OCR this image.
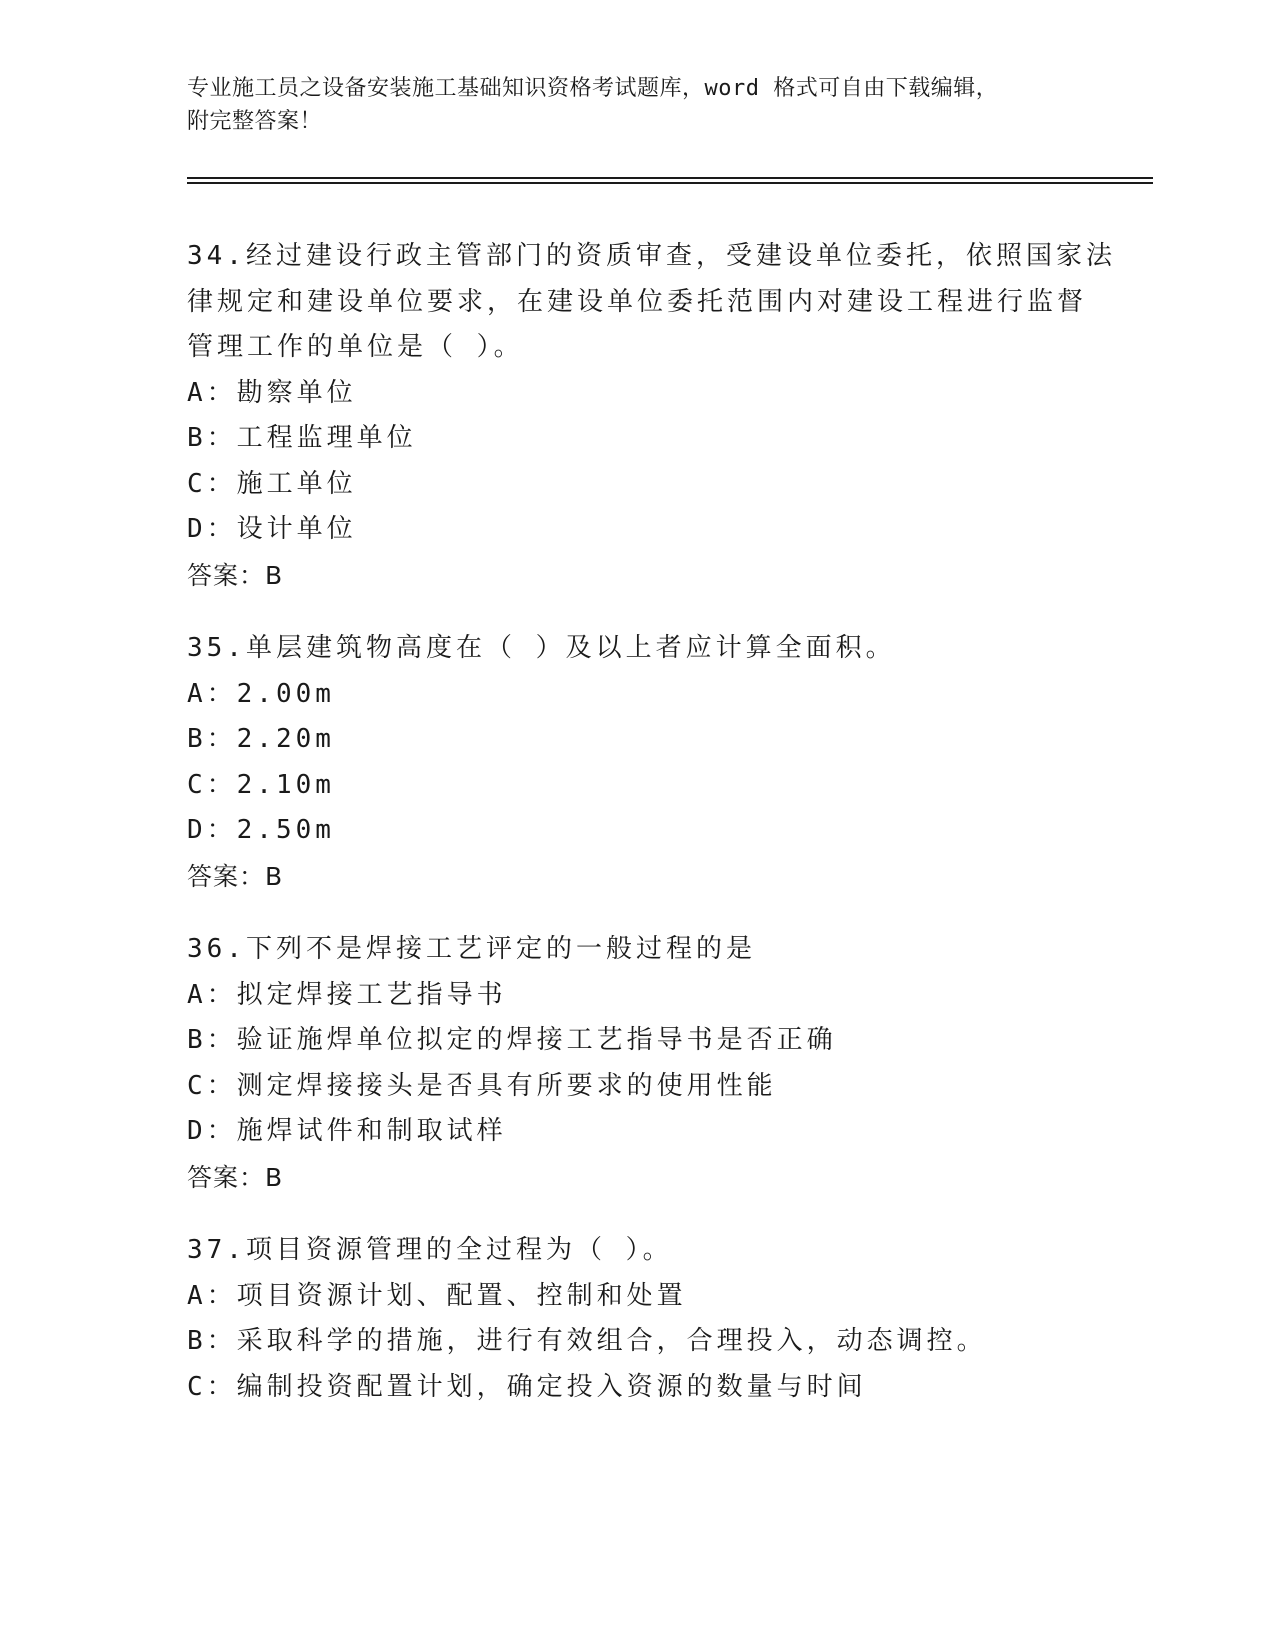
专业施工员之设备安装施工基础知识资格考试题库，word 格式可自由下载编辑，
附完整答案！
34.经过建设行政主管部门的资质审查，受建设单位委托，依照国家法
律规定和建设单位要求，在建设单位委托范围内对建设工程进行监督
管理工作的单位是（ ）。
A：勘察单位
B：工程监理单位
C：施工单位
D：设计单位
答案：B
35.单层建筑物高度在（ ）及以上者应计算全面积。
A：2.00m
B：2.20m
C：2.10m
D：2.50m
答案：B
36.下列不是焊接工艺评定的一般过程的是
A：拟定焊接工艺指导书
B：验证施焊单位拟定的焊接工艺指导书是否正确
C：测定焊接接头是否具有所要求的使用性能
D：施焊试件和制取试样
答案：B
37.项目资源管理的全过程为（ ）。
A：项目资源计划、配置、控制和处置
B：采取科学的措施，进行有效组合，合理投入，动态调控。
C：编制投资配置计划，确定投入资源的数量与时间
